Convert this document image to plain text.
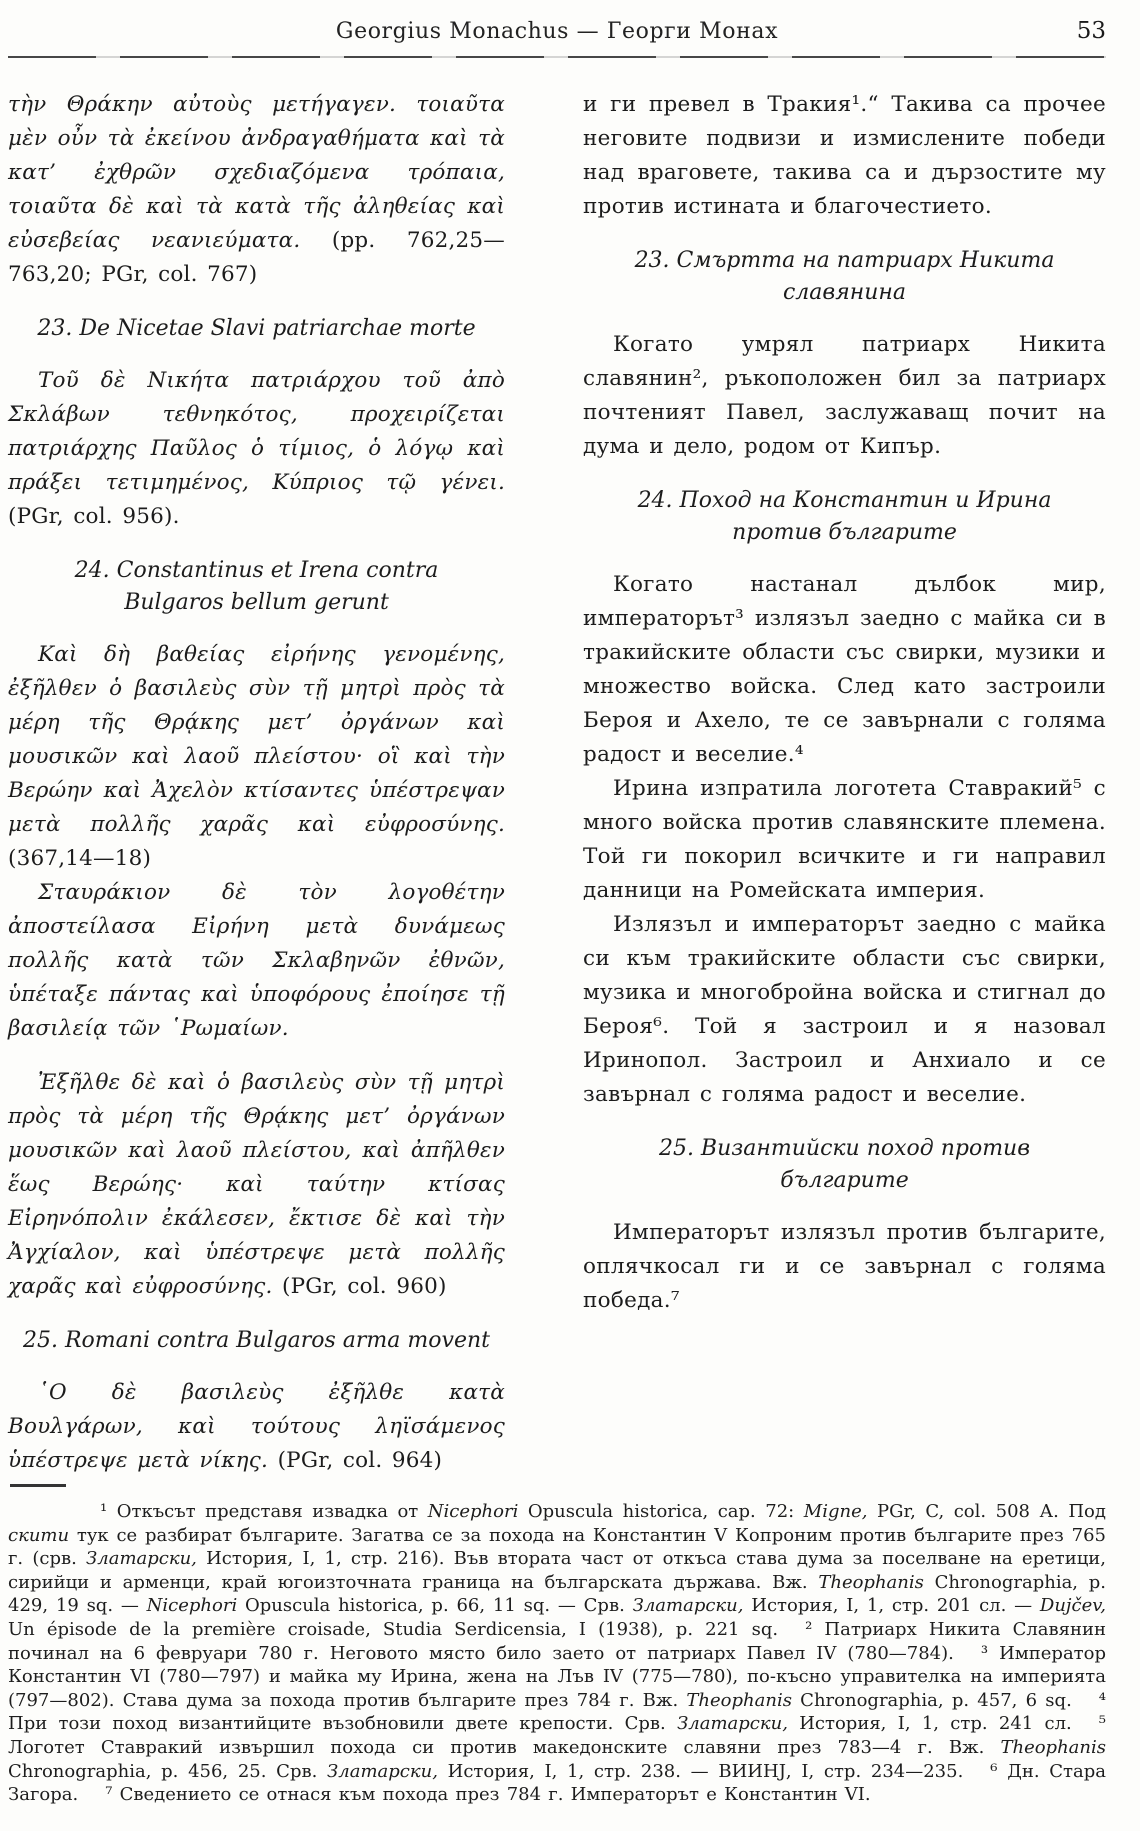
Georgius Monachus — Георги Монах	53

τὴν Θράκην αὐτοὺς μετήγαγεν. τοιαῦτα μὲν οὖν τὰ ἐκείνου ἀνδραγαθήματα καὶ τὰ κατ’ ἐχθρῶν σχεδιαζόμενα τρόπαια, τοιαῦτα δὲ καὶ τὰ κατὰ τῆς ἀληθείας καὶ εὐσεβείας νεανιεύματα. (pp. 762,25—763,20; PGr, col. 767)

23. De Nicetae Slavi patriarchae morte

Τοῦ δὲ Νικήτα πατριάρχου τοῦ ἀπὸ Σκλάβων τεθνηκότος, προχειρίζεται πατριάρχης Παῦλος ὁ τίμιος, ὁ λόγῳ καὶ πράξει τετιμημένος, Κύπριος τῷ γένει. (PGr, col. 956).

24. Constantinus et Irena contra Bulgaros bellum gerunt

Καὶ δὴ βαθείας εἰρήνης γενομένης, ἐξῆλθεν ὁ βασιλεὺς σὺν τῇ μητρὶ πρὸς τὰ μέρη τῆς Θρᾴκης μετ’ ὀργάνων καὶ μουσικῶν καὶ λαοῦ πλείστου· οἳ καὶ τὴν Βερώην καὶ Ἀχελὸν κτίσαντες ὑπέστρεψαν μετὰ πολλῆς χαρᾶς καὶ εὐφροσύνης. (367,14—18)

Σταυράκιον δὲ τὸν λογοθέτην ἀποστείλασα Εἰρήνη μετὰ δυνάμεως πολλῆς κατὰ τῶν Σκλαβηνῶν ἐθνῶν, ὑπέταξε πάντας καὶ ὑποφόρους ἐποίησε τῇ βασιλείᾳ τῶν ῾Ρωμαίων.

Ἐξῆλθε δὲ καὶ ὁ βασιλεὺς σὺν τῇ μητρὶ πρὸς τὰ μέρη τῆς Θρᾴκης μετ’ ὀργάνων μουσικῶν καὶ λαοῦ πλείστου, καὶ ἀπῆλθεν ἕως Βερώης· καὶ ταύτην κτίσας Εἰρηνόπολιν ἐκάλεσεν, ἔκτισε δὲ καὶ τὴν Ἀγχίαλον, καὶ ὑπέστρεψε μετὰ πολλῆς χαρᾶς καὶ εὐφροσύνης. (PGr, col. 960)

25. Romani contra Bulgaros arma movent

῾Ο δὲ βασιλεὺς ἐξῆλθε κατὰ Βουλγάρων, καὶ τούτους ληϊσάμενος ὑπέστρεψε μετὰ νίκης. (PGr, col. 964)

и ги превел в Тракия¹.“ Такива са прочее неговите подвизи и измислените победи над враговете, такива са и дързостите му против истината и благочестието.

23. Смъртта на патриарх Никита славянина

Когато умрял патриарх Никита славянин², ръкоположен бил за патриарх почтеният Павел, заслужаващ почит на дума и дело, родом от Кипър.

24. Поход на Константин и Ирина против българите

Когато настанал дълбок мир, императорът³ излязъл заедно с майка си в тракийските области със свирки, музики и множество войска. След като застроили Бероя и Ахело, те се завърнали с голяма радост и веселие.⁴

Ирина изпратила логотета Ставракий⁵ с много войска против славянските племена. Той ги покорил всичките и ги направил данници на Ромейската империя.

Излязъл и императорът заедно с майка си към тракийските области със свирки, музика и многобройна войска и стигнал до Бероя⁶. Той я застроил и я назовал Иринопол. Застроил и Анхиало и се завърнал с голяма радост и веселие.

25. Византийски поход против българите

Императорът излязъл против българите, оплячкосал ги и се завърнал с голяма победа.⁷

¹ Откъсът представя извадка от Nicephori Opuscula historica, cap. 72: Migne, PGr, C, col. 508 А. Под скити тук се разбират българите. Загатва се за похода на Константин V Копроним против българите през 765 г. (срв. Златарски, История, I, 1, стр. 216). Във втората част от откъса става дума за поселване на еретици, сирийци и арменци, край югоизточната граница на българската държава. Вж. Theophanis Chronographia, p. 429, 19 sq. — Nicephori Opuscula historica, p. 66, 11 sq. — Срв. Златарски, История, I, 1, стр. 201 сл. — Dujčev, Un épisode de la première croisade, Studia Serdicensia, I (1938), p. 221 sq.  ² Патриарх Никита Славянин починал на 6 февруари 780 г. Неговото място било заето от патриарх Павел IV (780—784).  ³ Император Константин VI (780—797) и майка му Ирина, жена на Лъв IV (775—780), по-късно управителка на империята (797—802). Става дума за похода против българите през 784 г. Вж. Theophanis Chronographia, p. 457, 6 sq.  ⁴ При този поход византийците възобновили двете крепости. Срв. Златарски, История, I, 1, стр. 241 сл.  ⁵ Логотет Ставракий извършил похода си против македонските славяни през 783—4 г. Вж. Theophanis Chronographia, p. 456, 25. Срв. Златарски, История, I, 1, стр. 238. — ВИИНЈ, I, стр. 234—235.  ⁶ Дн. Стара Загора.  ⁷ Сведението се отнася към похода през 784 г. Императорът е Константин VI.
